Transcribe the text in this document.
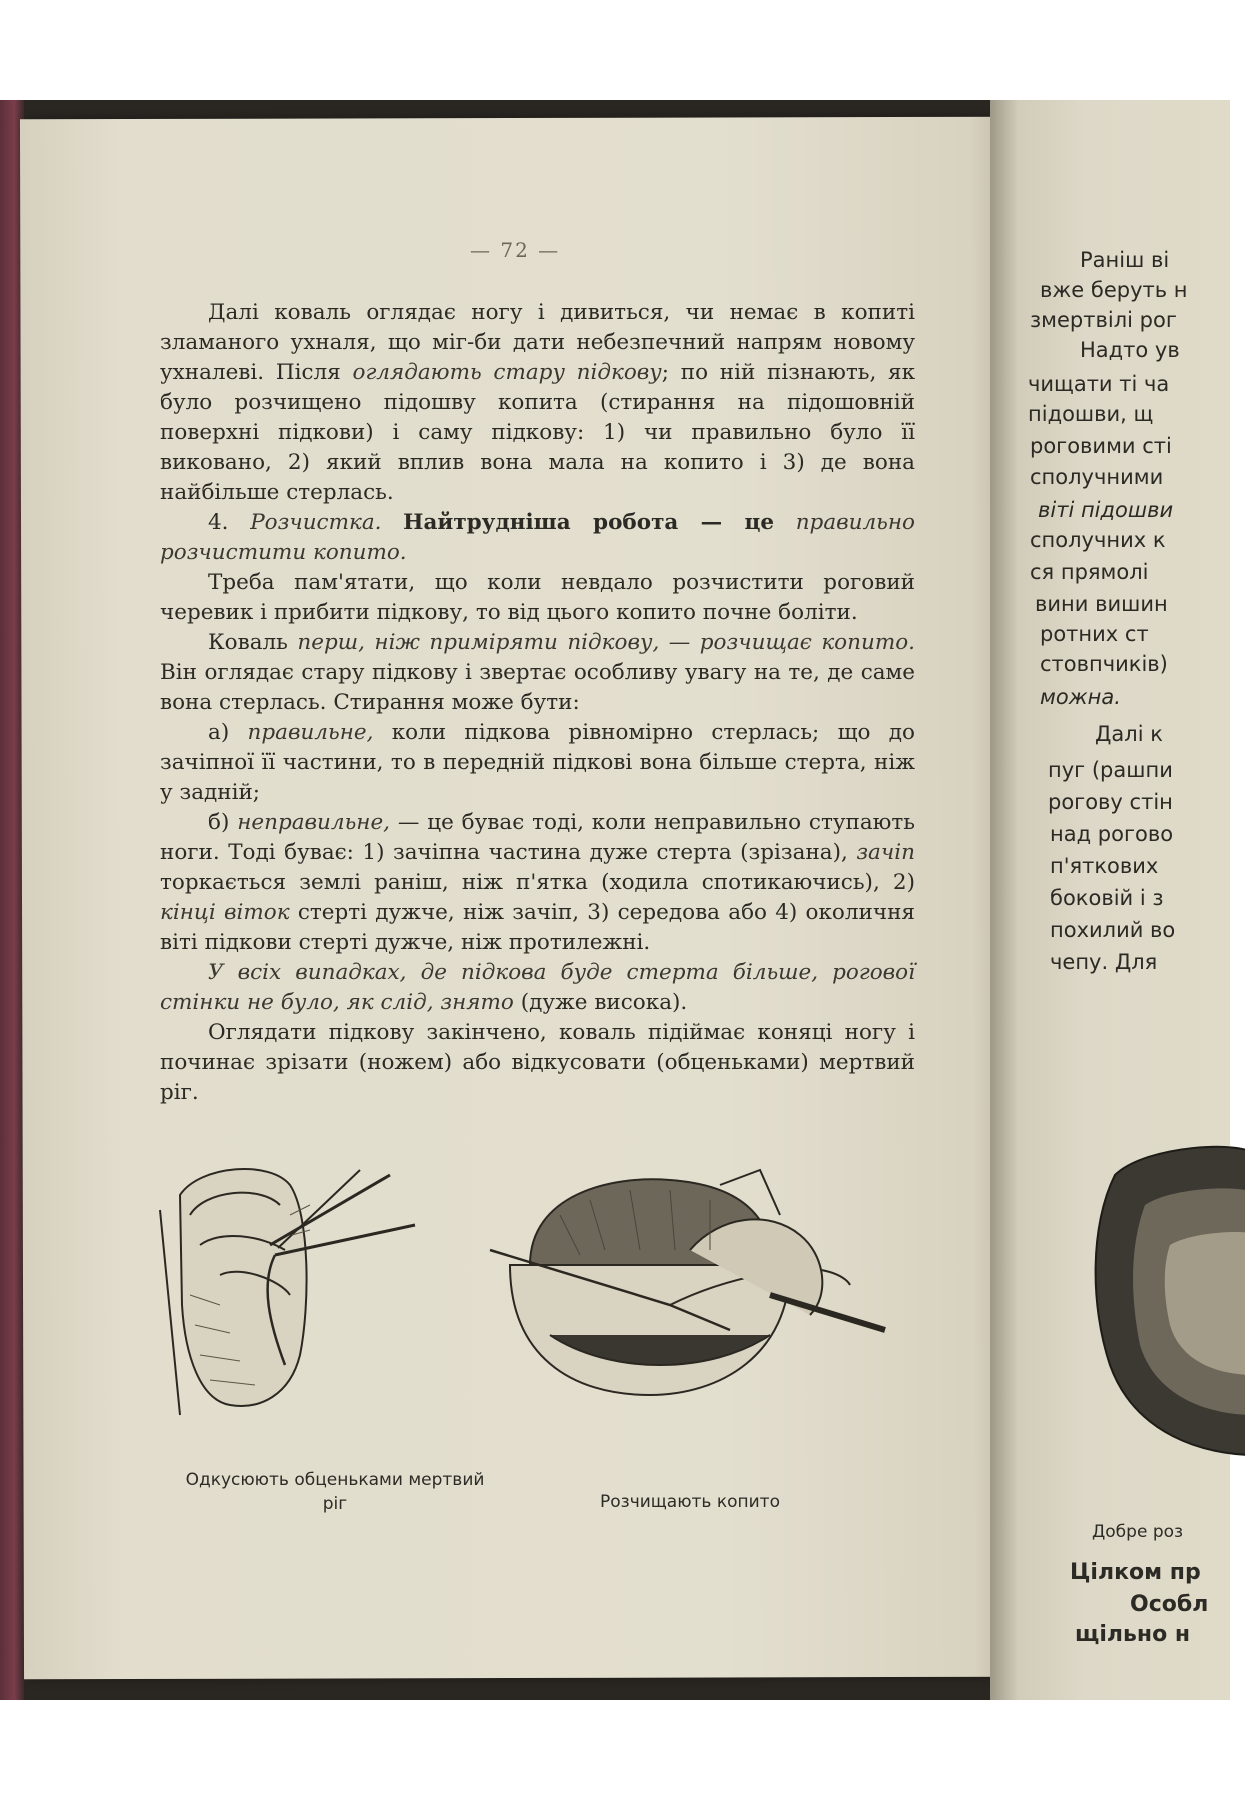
— 72 —

Далі коваль оглядає ногу і дивиться, чи немає в копиті зламаного ухналя, що міг-би дати небезпечний напрям новому ухналеві. Після оглядають стару підкову; по ній пізнають, як було розчищено підошву копита (стирання на підошовній поверхні підкови) і саму підкову: 1) чи правильно було її виковано, 2) який вплив вона мала на копито і 3) де вона найбільше стерлась.

4. Розчистка. Найтрудніша робота — це правильно розчистити копито.

Треба пам'ятати, що коли невдало розчистити роговий черевик і прибити підкову, то від цього копито почне боліти.

Коваль перш, ніж приміряти підкову, — розчищає копито. Він оглядає стару підкову і звертає особливу увагу на те, де саме вона стерлась. Стирання може бути:

а) правильне, коли підкова рівномірно стерлась; що до зачіпної її частини, то в передній підкові вона більше стерта, ніж у задній;

б) неправильне, — це буває тоді, коли неправильно ступають ноги. Тоді буває: 1) зачіпна частина дуже стерта (зрізана), зачіп торкається землі раніш, ніж п'ятка (ходила спотикаючись), 2) кінці віток стерті дужче, ніж зачіп, 3) середова або 4) околичня віті підкови стерті дужче, ніж протилежні.

У всіх випадках, де підкова буде стерта більше, рогової стінки не було, як слід, знято (дуже висока).

Оглядати підкову закінчено, коваль підіймає коняці ногу і починає зрізати (ножем) або відкусовати (обценьками) мертвий ріг.

Одкусюють обценьками мертвий ріг	Розчищають копито
Раніш ві
вже беруть н
змертвілі рог
Надто ув
чищати ті ча
підошви, щ
роговими сті
сполучними
віті підошви
сполучних к
ся прямолі
вини вишин
ротних ст
стовпчиків)
можна.
Далі к
пуг (рашпи
рогову стін
над рогово
п'яткових
боковій і з
похилий во
чепу. Для
Добре роз
Цілком пр
Особл
щільно н
